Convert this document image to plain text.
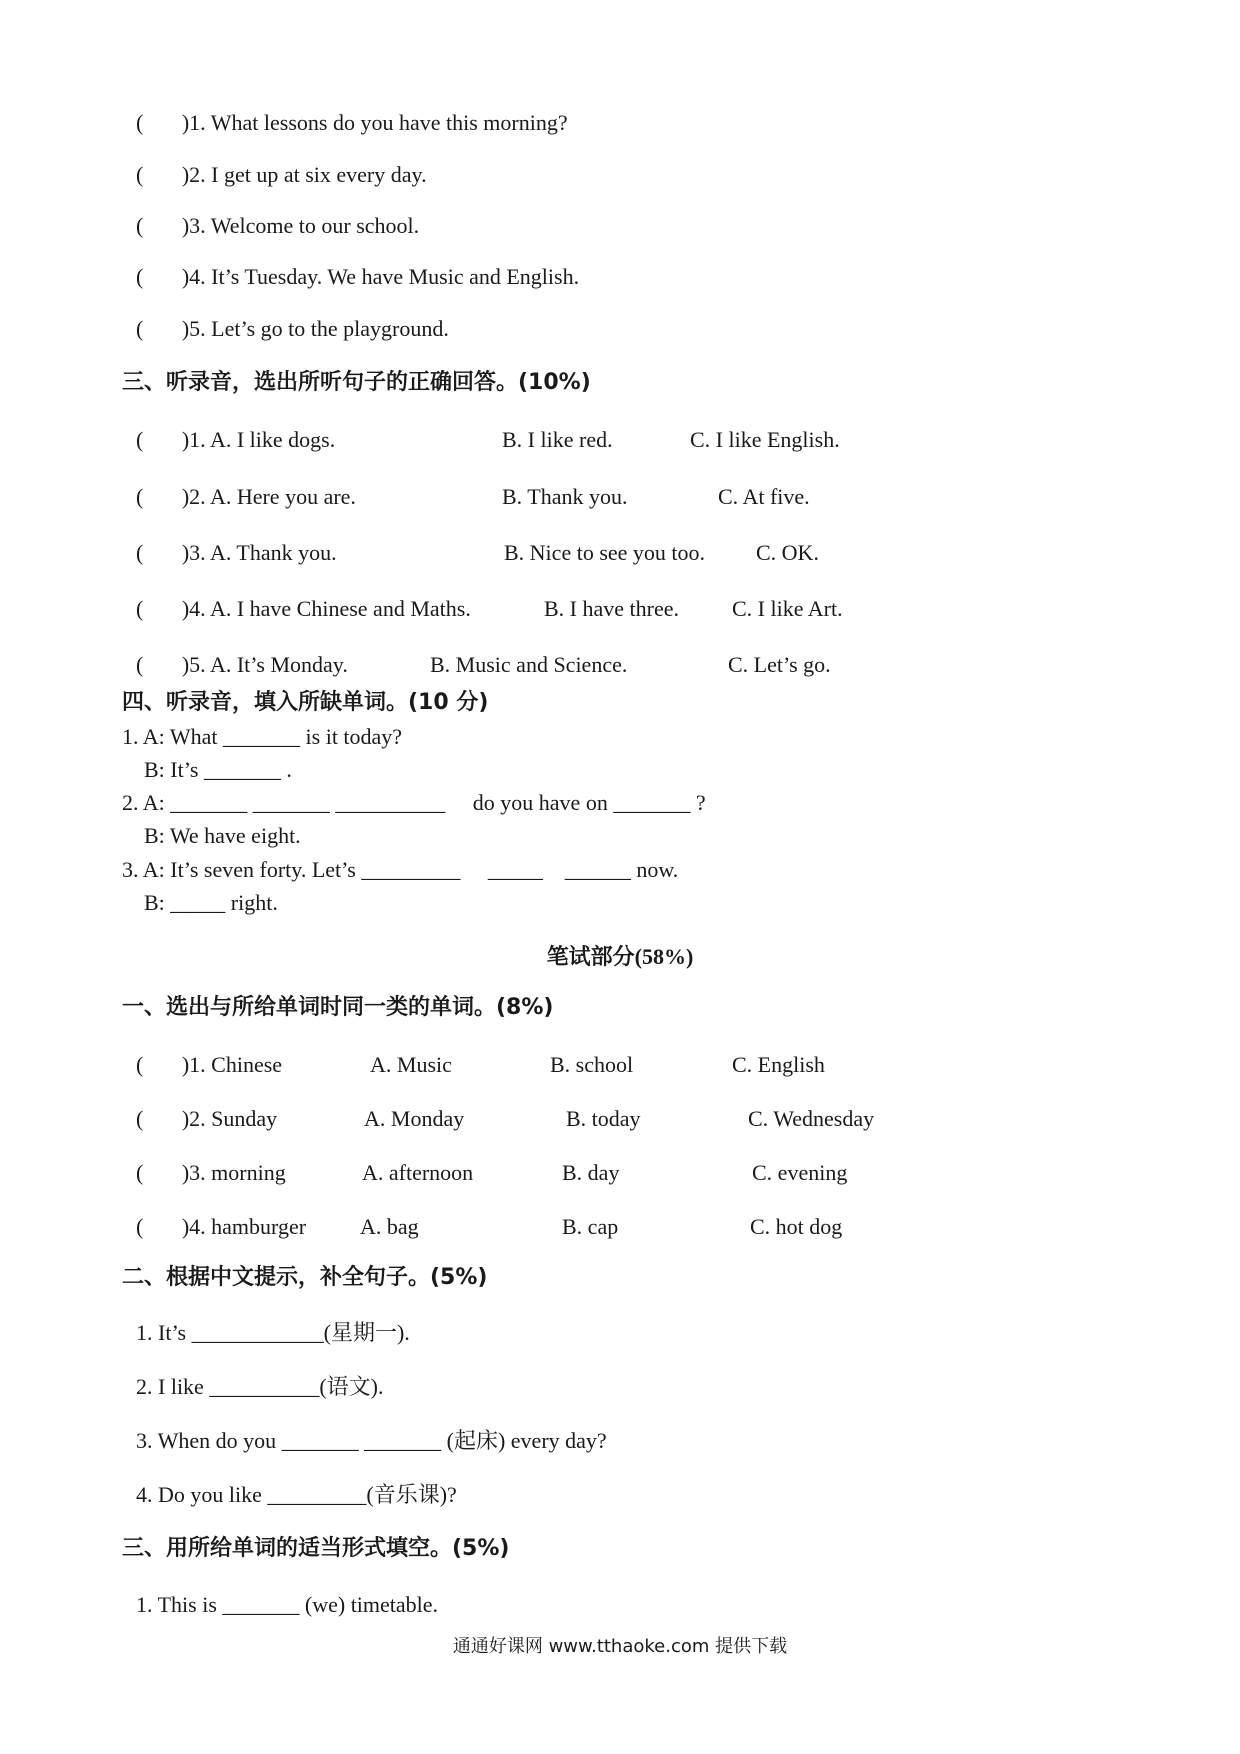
(       )1. What lessons do you have this morning?
(       )2. I get up at six every day.
(       )3. Welcome to our school.
(       )4. It’s Tuesday. We have Music and English.
(       )5. Let’s go to the playground.
三、听录音，选出所听句子的正确回答。(10%)
(       )1. A. I like dogs.	B. I like red.	C. I like English.
(       )2. A. Here you are.	B. Thank you.	C. At five.
(       )3. A. Thank you.	B. Nice to see you too. C. OK.
(       )4. A. I have Chinese and Maths.	B. I have three. C. I like Art.
(       )5. A. It’s Monday.	B. Music and Science.	C. Let’s go.
四、听录音，填入所缺单词。(10 分)
1. A: What _______ is it today?
B: It’s _______ .
2. A: _______ _______ __________     do you have on _______ ?
B: We have eight.
3. A: It’s seven forty. Let’s _________     _____    ______ now.
B: _____ right.
笔试部分(58%)
一、选出与所给单词时同一类的单词。(8%)
(       )1. Chinese	A. Music	B. school	C. English
(       )2. Sunday	A. Monday	B. today	C. Wednesday
(       )3. morning	A. afternoon	B. day	C. evening
(       )4. hamburger A. bag	B. cap	C. hot dog
二、根据中文提示，补全句子。(5%)
1. It’s ____________(星期一).
2. I like __________(语文).
3. When do you _______ _______ (起床) every day?
4. Do you like _________(音乐课)?
三、用所给单词的适当形式填空。(5%)
1. This is _______ (we) timetable.
通通好课网 www.tthaoke.com 提供下载
